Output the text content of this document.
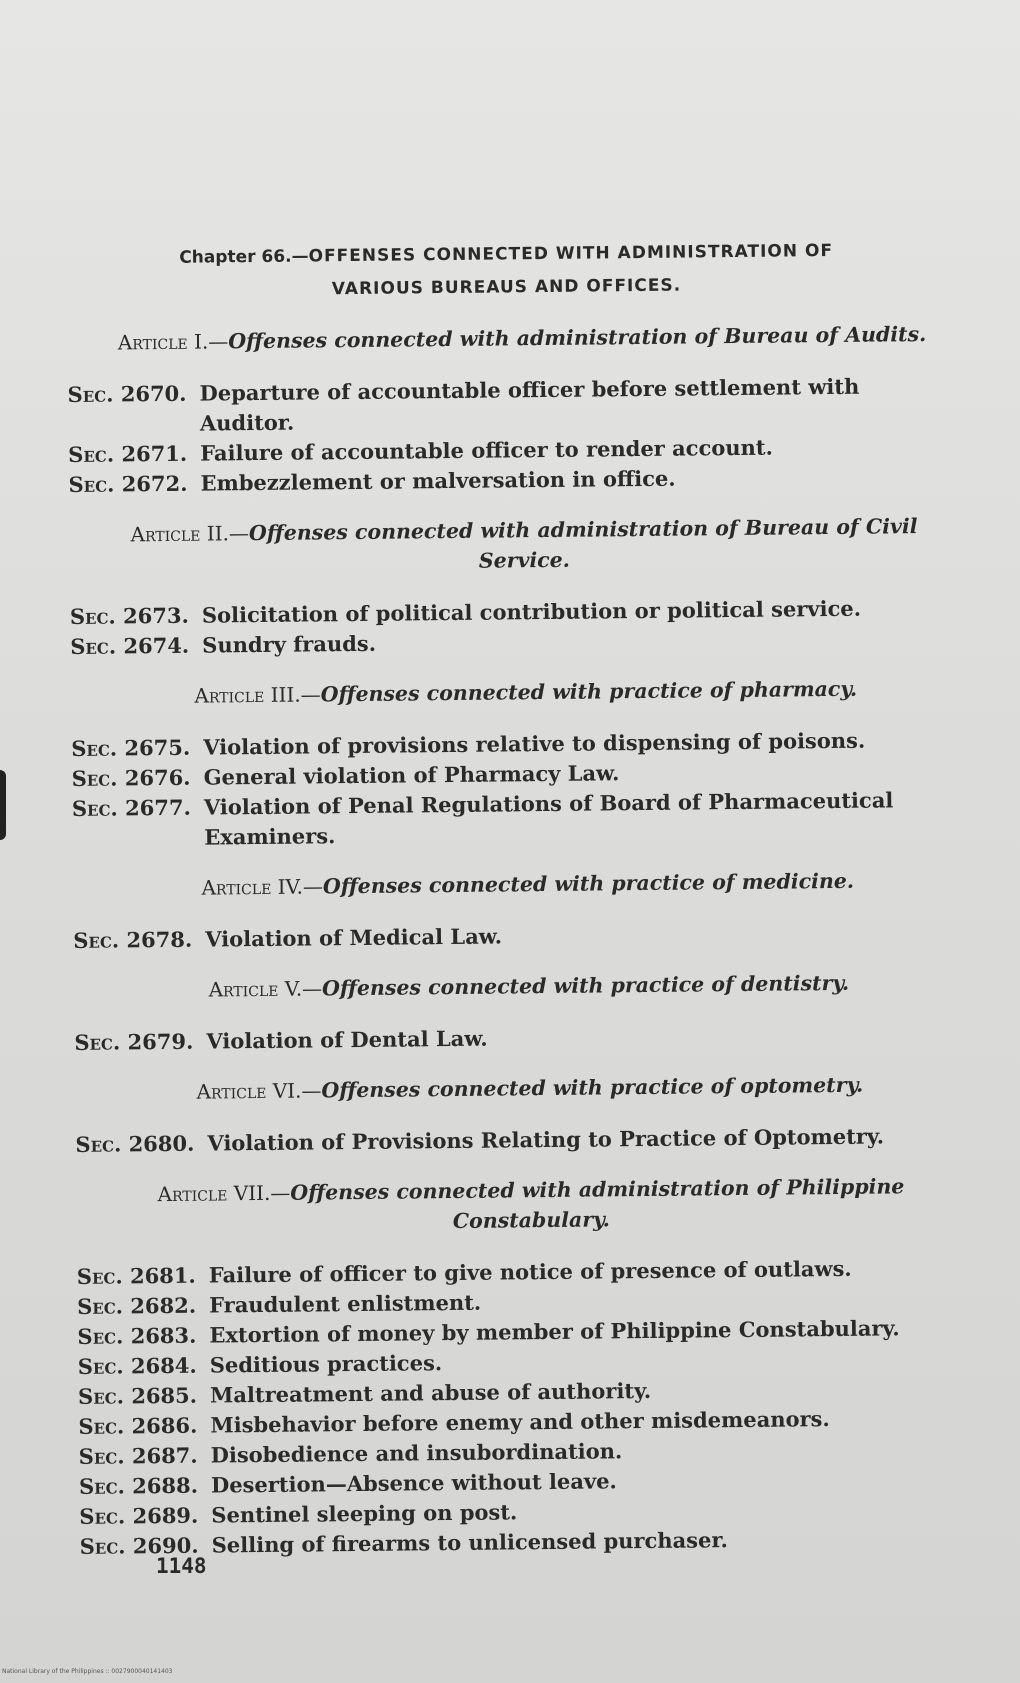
Chapter 66.—OFFENSES CONNECTED WITH ADMINISTRATION OF
VARIOUS BUREAUS AND OFFICES.
Article I.—Offenses connected with administration of Bureau of Audits.
Sec. 2670. Departure of accountable officer before settlement with Auditor.
Sec. 2671. Failure of accountable officer to render account.
Sec. 2672. Embezzlement or malversation in office.
Article II.—Offenses connected with administration of Bureau of Civil Service.
Sec. 2673. Solicitation of political contribution or political service.
Sec. 2674. Sundry frauds.
Article III.—Offenses connected with practice of pharmacy.
Sec. 2675. Violation of provisions relative to dispensing of poisons.
Sec. 2676. General violation of Pharmacy Law.
Sec. 2677. Violation of Penal Regulations of Board of Pharmaceutical Examiners.
Article IV.—Offenses connected with practice of medicine.
Sec. 2678. Violation of Medical Law.
Article V.—Offenses connected with practice of dentistry.
Sec. 2679. Violation of Dental Law.
Article VI.—Offenses connected with practice of optometry.
Sec. 2680. Violation of Provisions Relating to Practice of Optometry.
Article VII.—Offenses connected with administration of Philippine Constabulary.
Sec. 2681. Failure of officer to give notice of presence of outlaws.
Sec. 2682. Fraudulent enlistment.
Sec. 2683. Extortion of money by member of Philippine Constabulary.
Sec. 2684. Seditious practices.
Sec. 2685. Maltreatment and abuse of authority.
Sec. 2686. Misbehavior before enemy and other misdemeanors.
Sec. 2687. Disobedience and insubordination.
Sec. 2688. Desertion—Absence without leave.
Sec. 2689. Sentinel sleeping on post.
Sec. 2690. Selling of firearms to unlicensed purchaser.
1148
National Library of the Philippines :: 0027900040141403
